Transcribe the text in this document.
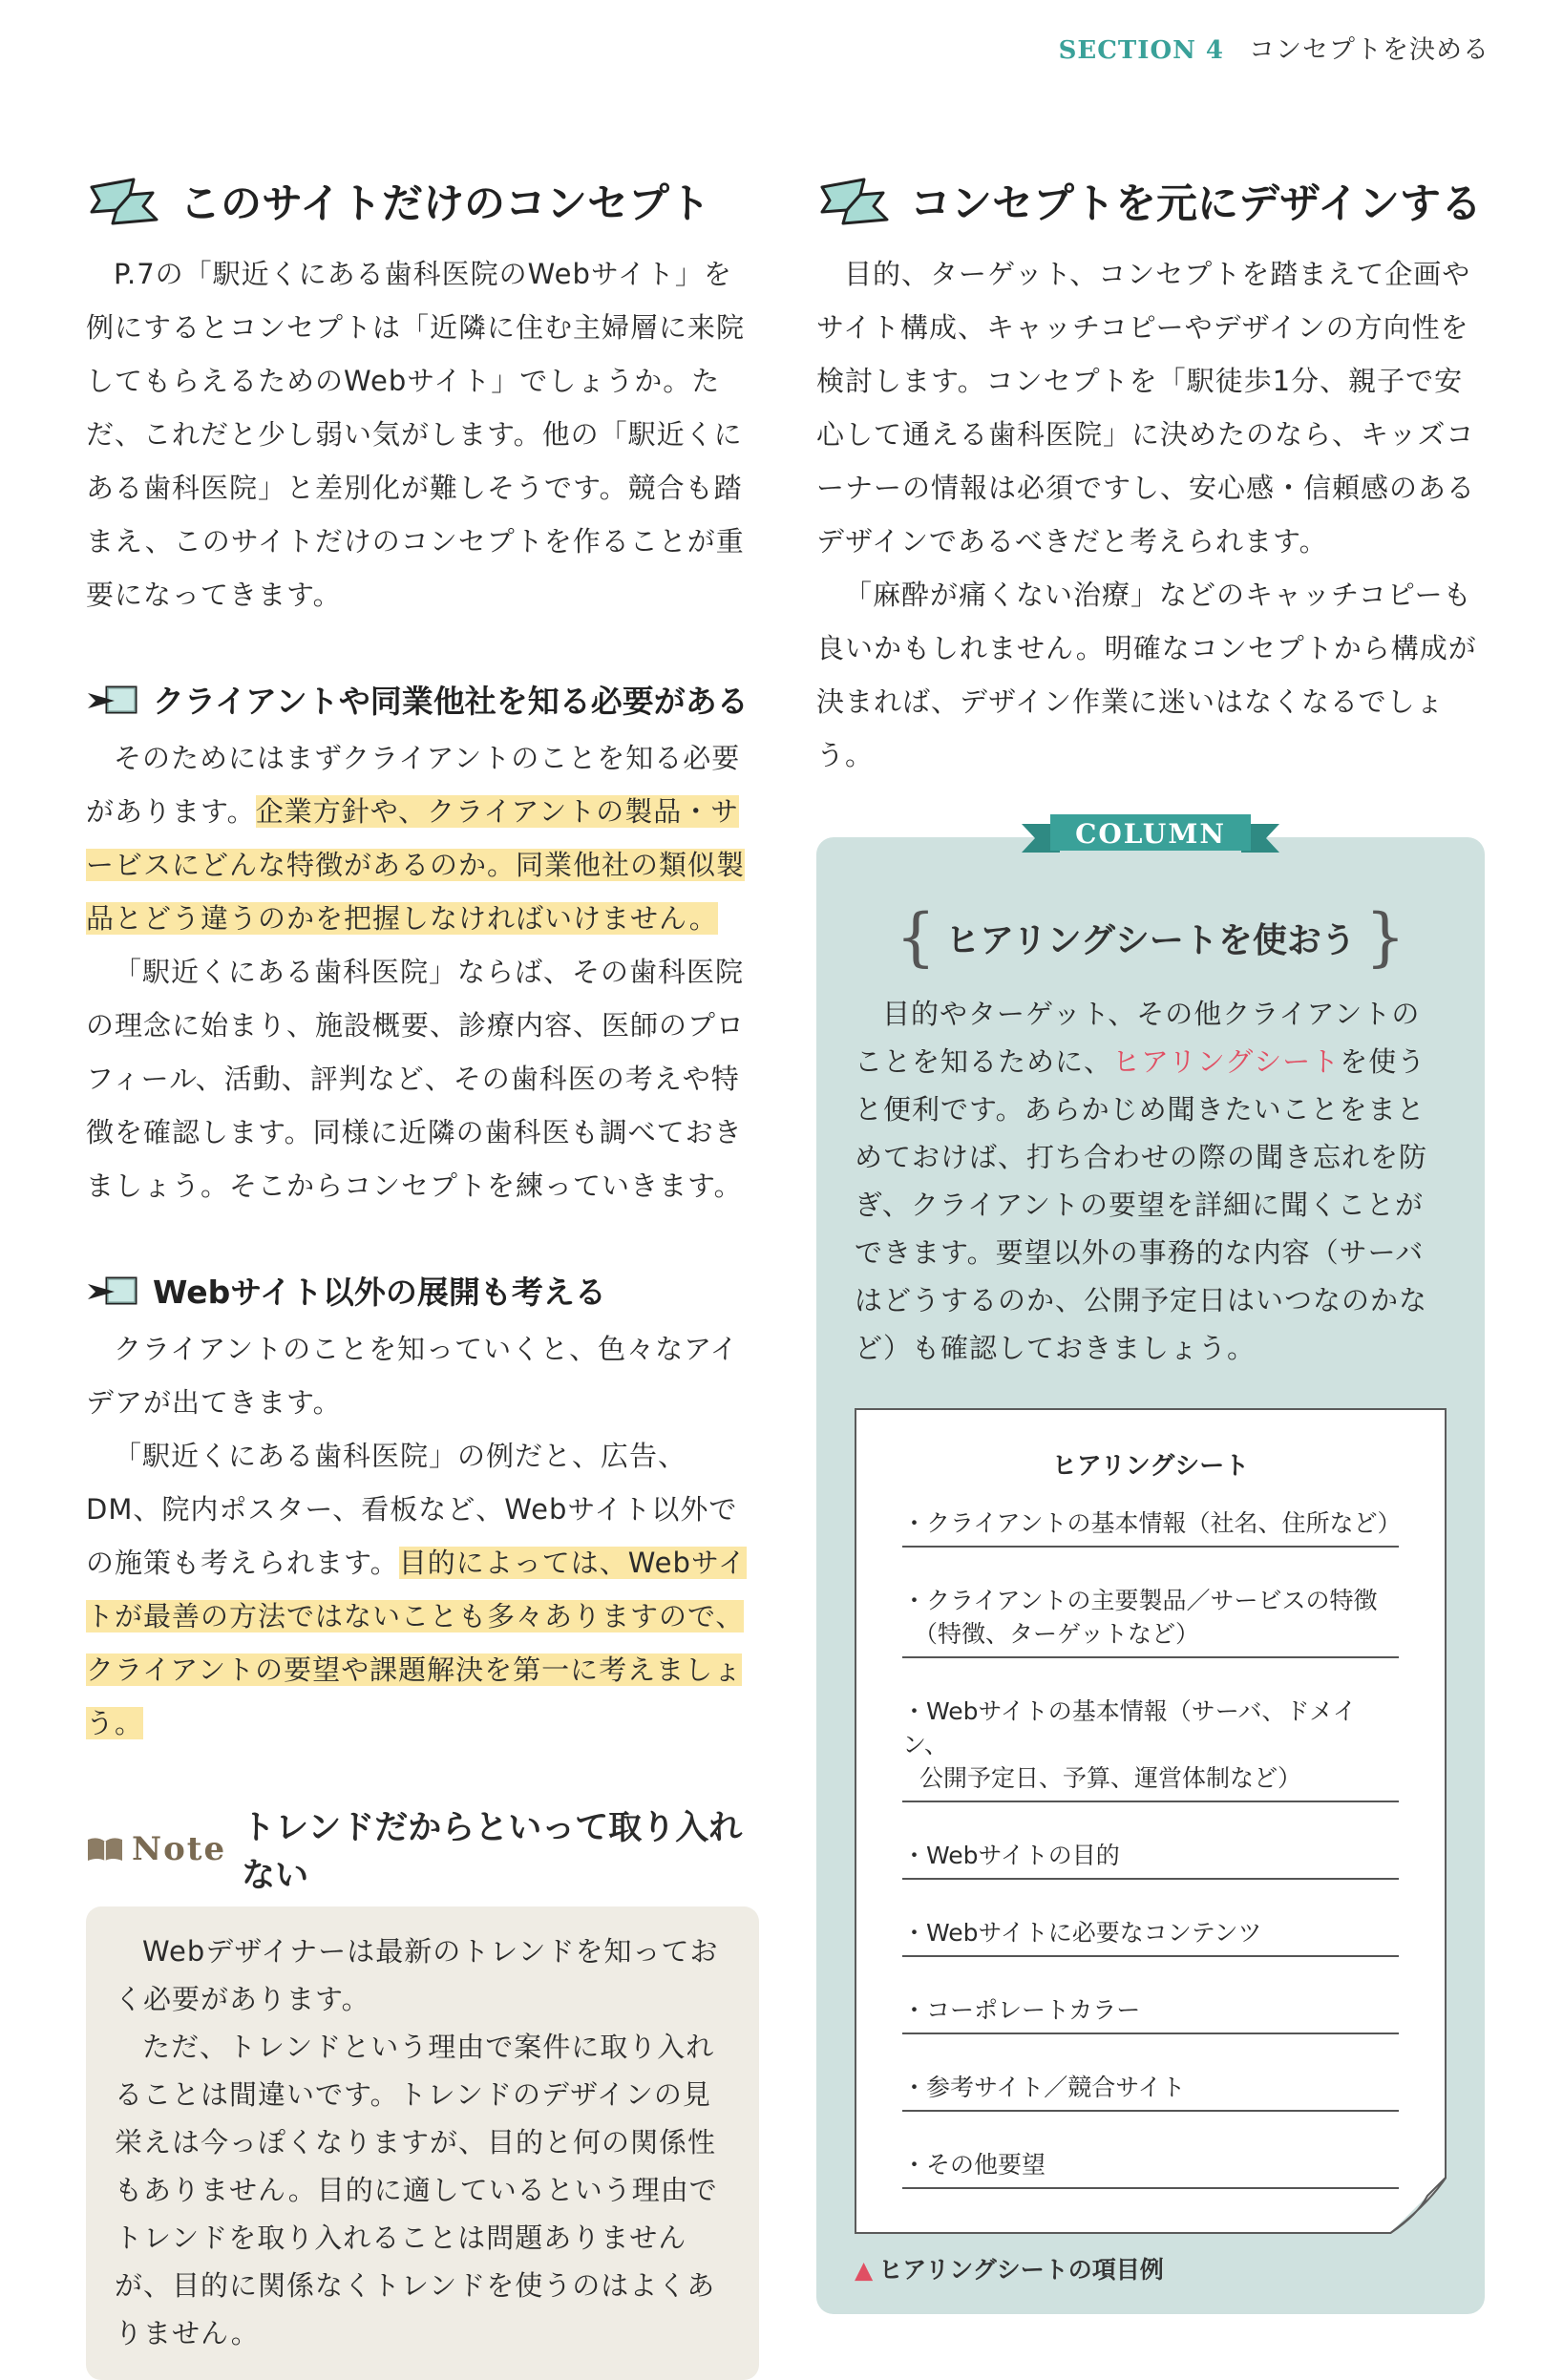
SECTION 4 コンセプトを決める
このサイトだけのコンセプト

P.7の「駅近くにある歯科医院のWebサイト」を例にするとコンセプトは「近隣に住む主婦層に来院してもらえるためのWebサイト」でしょうか。ただ、これだと少し弱い気がします。他の「駅近くにある歯科医院」と差別化が難しそうです。競合も踏まえ、このサイトだけのコンセプトを作ることが重要になってきます。

クライアントや同業他社を知る必要がある

そのためにはまずクライアントのことを知る必要があります。企業方針や、クライアントの製品・サービスにどんな特徴があるのか。同業他社の類似製品とどう違うのかを把握しなければいけません。

「駅近くにある歯科医院」ならば、その歯科医院の理念に始まり、施設概要、診療内容、医師のプロフィール、活動、評判など、その歯科医の考えや特徴を確認します。同様に近隣の歯科医も調べておきましょう。そこからコンセプトを練っていきます。

Webサイト以外の展開も考える

クライアントのことを知っていくと、色々なアイデアが出てきます。

「駅近くにある歯科医院」の例だと、広告、DM、院内ポスター、看板など、Webサイト以外での施策も考えられます。目的によっては、Webサイトが最善の方法ではないことも多々ありますので、クライアントの要望や課題解決を第一に考えましょう。

Note
トレンドだからといって取り入れない

Webデザイナーは最新のトレンドを知っておく必要があります。

ただ、トレンドという理由で案件に取り入れることは間違いです。トレンドのデザインの見栄えは今っぽくなりますが、目的と何の関係性もありません。目的に適しているという理由でトレンドを取り入れることは問題ありませんが、目的に関係なくトレンドを使うのはよくありません。

コンセプトを元にデザインする

目的、ターゲット、コンセプトを踏まえて企画やサイト構成、キャッチコピーやデザインの方向性を検討します。コンセプトを「駅徒歩1分、親子で安心して通える歯科医院」に決めたのなら、キッズコーナーの情報は必須ですし、安心感・信頼感のあるデザインであるべきだと考えられます。

「麻酔が痛くない治療」などのキャッチコピーも良いかもしれません。明確なコンセプトから構成が決まれば、デザイン作業に迷いはなくなるでしょう。

COLUMN
{ ヒアリングシートを使おう }

目的やターゲット、その他クライアントのことを知るために、ヒアリングシートを使うと便利です。あらかじめ聞きたいことをまとめておけば、打ち合わせの際の聞き忘れを防ぎ、クライアントの要望を詳細に聞くことができます。要望以外の事務的な内容（サーバはどうするのか、公開予定日はいつなのかなど）も確認しておきましょう。

ヒアリングシート
・クライアントの基本情報（社名、住所など）
・クライアントの主要製品／サービスの特徴
（特徴、ターゲットなど）
・Webサイトの基本情報（サーバ、ドメイン、
公開予定日、予算、運営体制など）
・Webサイトの目的
・Webサイトに必要なコンテンツ
・コーポレートカラー
・参考サイト／競合サイト
・その他要望
▲ ヒアリングシートの項目例
